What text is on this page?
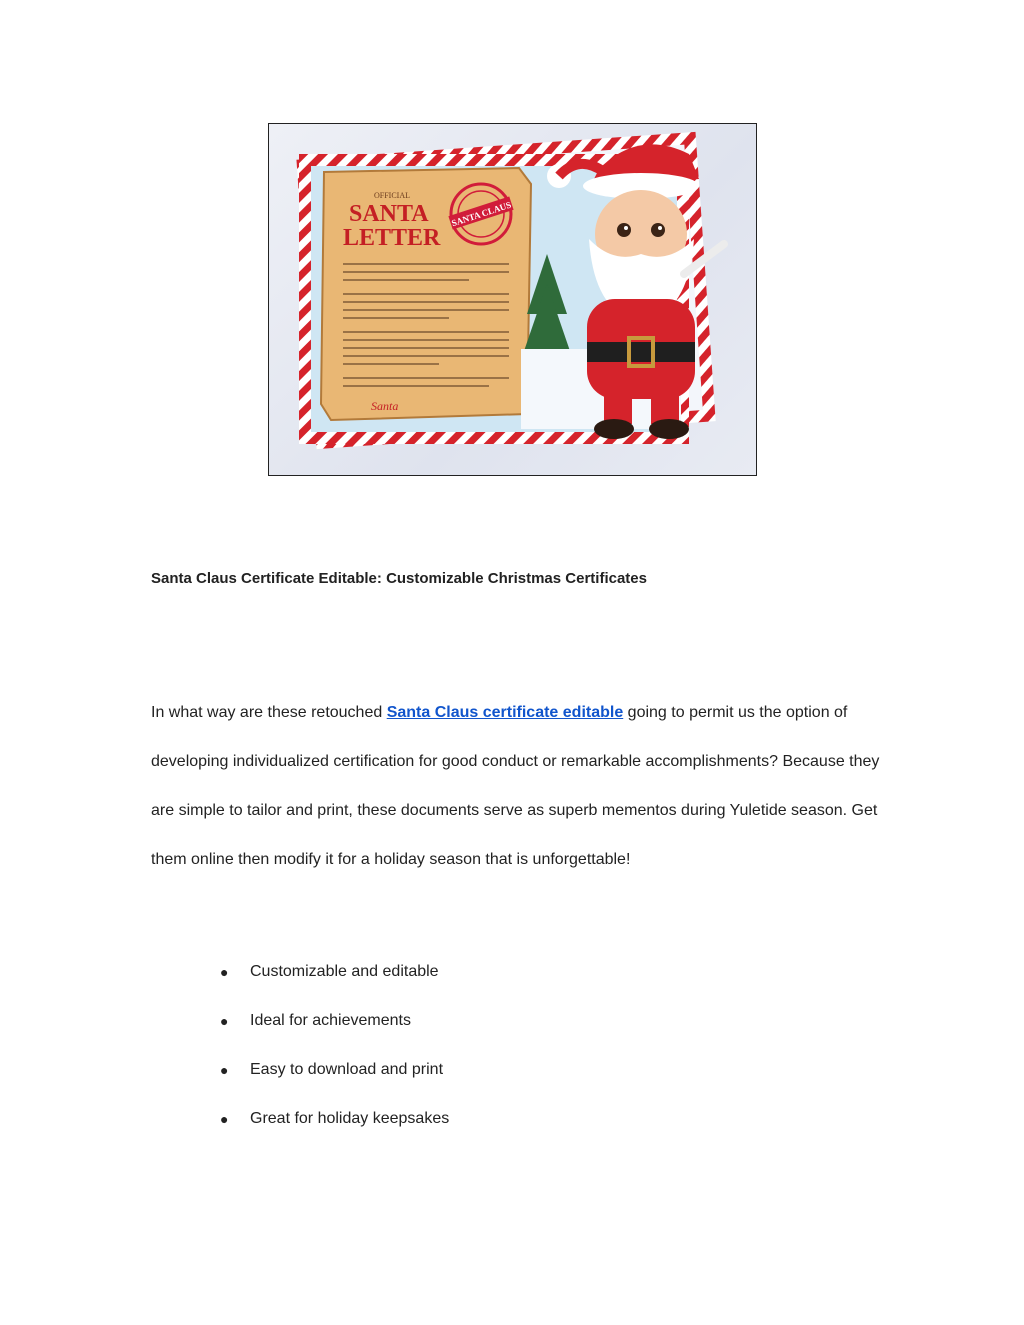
OFFICIAL
SANTA
LETTER
SANTA CLAUS
Santa
Santa Claus Certificate Editable: Customizable Christmas Certificates

In what way are these retouched Santa Claus certificate editable going to permit us the option of developing individualized certification for good conduct or remarkable accomplishments? Because they are simple to tailor and print, these documents serve as superb mementos during Yuletide season. Get them online then modify it for a holiday season that is unforgettable!

●	Customizable and editable
●	Ideal for achievements
●	Easy to download and print
●	Great for holiday keepsakes
